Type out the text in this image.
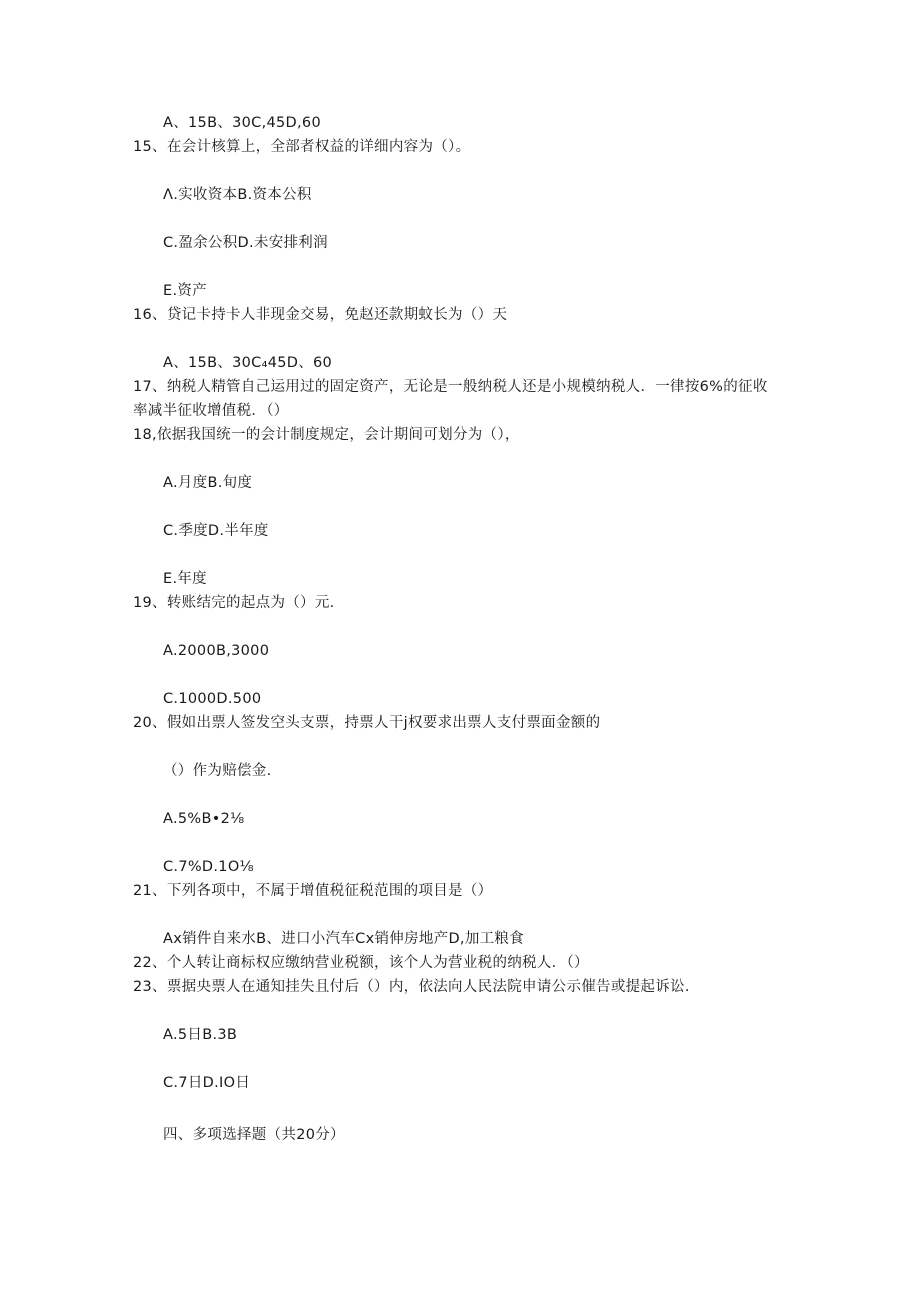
A、15B、30C,45D,60
15、在会计核算上，全部者权益的详细内容为（）。
Λ.实收资本B.资本公积
C.盈余公积D.未安排利润
E.资产
16、贷记卡持卡人非现金交易，免赵还款期蚊长为（）天
A、15B、30C₄45D、60
17、纳税人精管自己运用过的固定资产，无论是一般纳税人还是小规模纳税人．一律按6%的征收
率减半征收增值税．（）
18,依据我国统一的会计制度规定，会计期间可划分为（），
A.月度B.旬度
C.季度D.半年度
E.年度
19、转账结完的起点为（）元.
A.2000B,3000
C.1000D.500
20、假如出票人签发空头支票，持票人干j权要求出票人支付票面金额的
（）作为赔偿金.
A.5%B•2⅛
C.7%D.1O⅛
21、下列各项中，不属于增值税征税范围的项目是（）
Ax销件自来水B、进口小汽车Cx销伸房地产D,加工粮食
22、个人转让商标权应缴纳营业税额，该个人为营业税的纳税人．（）
23、票据央票人在通知挂失且付后（）内，依法向人民法院申请公示催告或提起诉讼.
A.5日B.3B
C.7日D.IO日
四、多项选择题（共20分）
